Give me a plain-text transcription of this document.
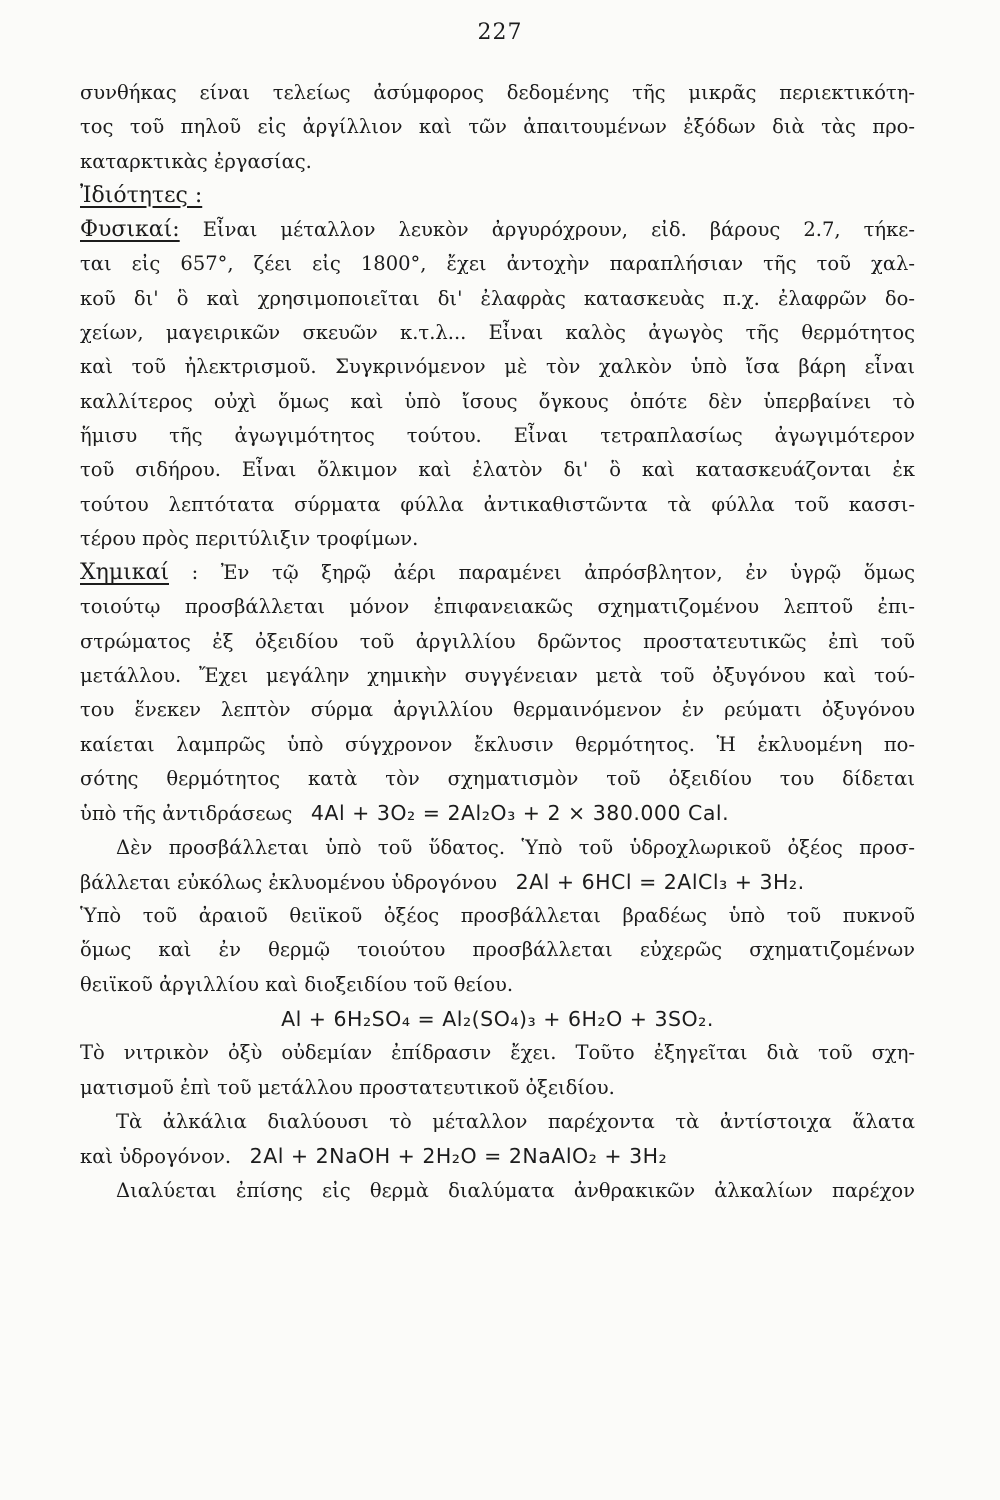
227
συνθήκας είναι τελείως ἀσύμφορος δεδομένης τῆς μικρᾶς περιεκτικότη-
τος τοῦ πηλοῦ εἰς ἀργίλλιον καὶ τῶν ἀπαιτουμένων ἐξόδων διὰ τὰς προ-
καταρκτικὰς ἐργασίας.
Ἰδιότητες :
Φυσικαί: Εἶναι μέταλλον λευκὸν ἀργυρόχρουν, εἰδ. βάρους 2.7, τήκε-
ται εἰς 657°, ζέει εἰς 1800°, ἔχει ἀντοχὴν παραπλήσιαν τῆς τοῦ χαλ-
κοῦ δι' ὃ καὶ χρησιμοποιεῖται δι' ἐλαφρὰς κατασκευὰς π.χ. ἐλαφρῶν δο-
χείων, μαγειρικῶν σκευῶν κ.τ.λ... Εἶναι καλὸς ἀγωγὸς τῆς θερμότητος
καὶ τοῦ ἠλεκτρισμοῦ. Συγκρινόμενον μὲ τὸν χαλκὸν ὑπὸ ἴσα βάρη εἶναι
καλλίτερος οὐχὶ ὅμως καὶ ὑπὸ ἴσους ὄγκους ὁπότε δὲν ὑπερβαίνει τὸ
ἥμισυ τῆς ἀγωγιμότητος τούτου. Εἶναι τετραπλασίως ἀγωγιμότερον
τοῦ σιδήρου. Εἶναι ὄλκιμον καὶ ἐλατὸν δι' ὃ καὶ κατασκευάζονται ἐκ
τούτου λεπτότατα σύρματα φύλλα ἀντικαθιστῶντα τὰ φύλλα τοῦ κασσι-
τέρου πρὸς περιτύλιξιν τροφίμων.
Χημικαί : Ἐν τῷ ξηρῷ ἀέρι παραμένει ἀπρόσβλητον, ἐν ὑγρῷ ὅμως
τοιούτῳ προσβάλλεται μόνον ἐπιφανειακῶς σχηματιζομένου λεπτοῦ ἐπι-
στρώματος ἐξ ὀξειδίου τοῦ ἀργιλλίου δρῶντος προστατευτικῶς ἐπὶ τοῦ
μετάλλου. Ἔχει μεγάλην χημικὴν συγγένειαν μετὰ τοῦ ὀξυγόνου καὶ τού-
του ἕνεκεν λεπτὸν σύρμα ἀργιλλίου θερμαινόμενον ἐν ρεύματι ὀξυγόνου
καίεται λαμπρῶς ὑπὸ σύγχρονον ἔκλυσιν θερμότητος. Ἡ ἐκλυομένη πο-
σότης θερμότητος κατὰ τὸν σχηματισμὸν τοῦ ὀξειδίου του δίδεται
ὑπὸ τῆς ἀντιδράσεως 4Al + 3O₂ = 2Al₂O₃ + 2 × 380.000 Cal.
Δὲν προσβάλλεται ὑπὸ τοῦ ὕδατος. Ὑπὸ τοῦ ὑδροχλωρικοῦ ὀξέος προσ-
βάλλεται εὐκόλως ἐκλυομένου ὑδρογόνου 2Al + 6HCl = 2AlCl₃ + 3H₂.
Ὑπὸ τοῦ ἀραιοῦ θειϊκοῦ ὀξέος προσβάλλεται βραδέως ὑπὸ τοῦ πυκνοῦ
ὅμως καὶ ἐν θερμῷ τοιούτου προσβάλλεται εὐχερῶς σχηματιζομένων
θειϊκοῦ ἀργιλλίου καὶ διοξειδίου τοῦ θείου.
Al + 6H₂SO₄ = Al₂(SO₄)₃ + 6H₂O + 3SO₂.
Τὸ νιτρικὸν ὀξὺ οὐδεμίαν ἐπίδρασιν ἔχει. Τοῦτο ἐξηγεῖται διὰ τοῦ σχη-
ματισμοῦ ἐπὶ τοῦ μετάλλου προστατευτικοῦ ὀξειδίου.
Τὰ ἀλκάλια διαλύουσι τὸ μέταλλον παρέχοντα τὰ ἀντίστοιχα ἅλατα
καὶ ὑδρογόνον. 2Al + 2NaOH + 2H₂O = 2NaAlO₂ + 3H₂
Διαλύεται ἐπίσης εἰς θερμὰ διαλύματα ἀνθρακικῶν ἀλκαλίων παρέχον
